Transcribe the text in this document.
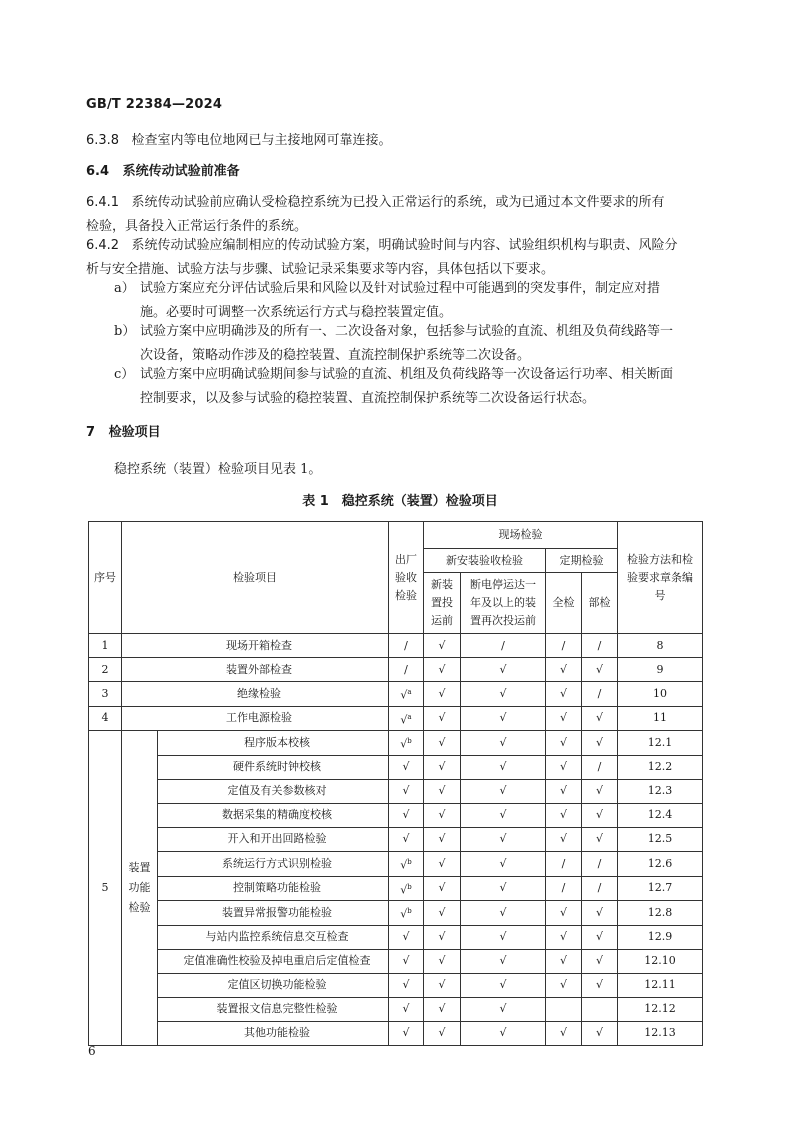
GB/T 22384—2024
6.3.8 检查室内等电位地网已与主接地网可靠连接。
6.4 系统传动试验前准备
6.4.1 系统传动试验前应确认受检稳控系统为已投入正常运行的系统，或为已通过本文件要求的所有
检验，具备投入正常运行条件的系统。
6.4.2 系统传动试验应编制相应的传动试验方案，明确试验时间与内容、试验组织机构与职责、风险分
析与安全措施、试验方法与步骤、试验记录采集要求等内容，具体包括以下要求。
a） 试验方案应充分评估试验后果和风险以及针对试验过程中可能遇到的突发事件，制定应对措
施。必要时可调整一次系统运行方式与稳控装置定值。
b） 试验方案中应明确涉及的所有一、二次设备对象，包括参与试验的直流、机组及负荷线路等一
次设备，策略动作涉及的稳控装置、直流控制保护系统等二次设备。
c） 试验方案中应明确试验期间参与试验的直流、机组及负荷线路等一次设备运行功率、相关断面
控制要求，以及参与试验的稳控装置、直流控制保护系统等二次设备运行状态。
7 检验项目
稳控系统（装置）检验项目见表 1。
表 1　稳控系统（装置）检验项目
序号	检验项目		出厂验收检验	现场检验				检验方法和检验要求章条编号
				新安装验收检验		定期检验		
				新装置投运前	断电停运达一年及以上的装置再次投运前	全检	部检	
1	现场开箱检查		/	√	/	/	/	8
2	装置外部检查		/	√	√	√	√	9
3	绝缘检验		√$^a$	√	√	√	/	10
4	工作电源检验		√$^a$	√	√	√	√	11
5	装置功能检验	程序版本校核	√$^b$	√	√	√	√	12.1
		硬件系统时钟校核	√	√	√	√	/	12.2
		定值及有关参数核对	√	√	√	√	√	12.3
		数据采集的精确度校核	√	√	√	√	√	12.4
		开入和开出回路检验	√	√	√	√	√	12.5
		系统运行方式识别检验	√$^b$	√	√	/	/	12.6
		控制策略功能检验	√$^b$	√	√	/	/	12.7
		装置异常报警功能检验	√$^b$	√	√	√	√	12.8
		与站内监控系统信息交互检查	√	√	√	√	√	12.9
		定值准确性校验及掉电重启后定值检查	√	√	√	√	√	12.10
		定值区切换功能检验	√	√	√	√	√	12.11
		装置报文信息完整性检验	√	√	√			12.12
		其他功能检验	√	√	√	√	√	12.13
6
